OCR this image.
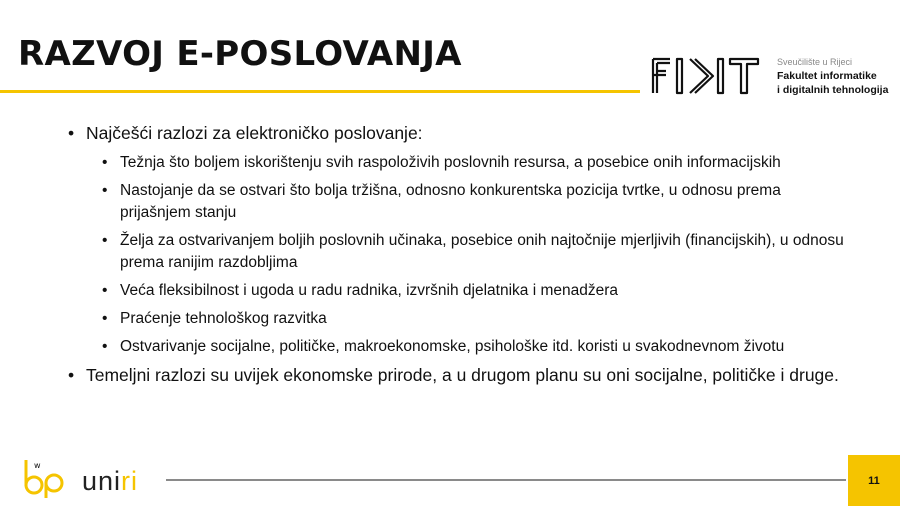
RAZVOJ E-POSLOVANJA	Sveučilište u Rijeci
Fakultet informatike
i digitalnih tehnologija
• Najčešći razlozi za elektroničko poslovanje:
• Težnja što boljem iskorištenju svih raspoloživih poslovnih resursa, a posebice onih informacijskih
• Nastojanje da se ostvari što bolja tržišna, odnosno konkurentska pozicija tvrtke, u odnosu prema prijašnjem stanju
• Želja za ostvarivanjem boljih poslovnih učinaka, posebice onih najtočnije mjerljivih (financijskih), u odnosu prema ranijim razdobljima
• Veća fleksibilnost i ugoda u radu radnika, izvršnih djelatnika i menadžera
• Praćenje tehnološkog razvitka
• Ostvarivanje socijalne, političke, makroekonomske, psihološke itd. koristi u svakodnevnom životu
• Temeljni razlozi su uvijek ekonomske prirode, a u drugom planu su oni socijalne, političke i druge.
w
uniri	11
